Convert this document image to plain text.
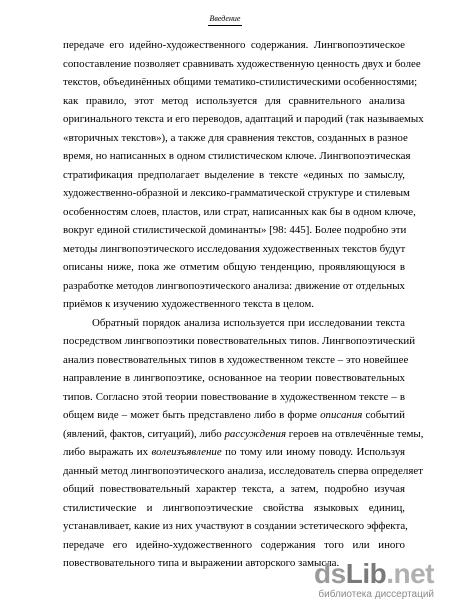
Введение
передаче его идейно-художественного содержания. Лингвопоэтическое
сопоставление позволяет сравнивать художественную ценность двух и более
текстов, объединённых общими тематико-стилистическими особенностями;
как правило, этот метод используется для сравнительного анализа
оригинального текста и его переводов, адаптаций и пародий (так называемых
«вторичных текстов»), а также для сравнения текстов, созданных в разное
время, но написанных в одном стилистическом ключе. Лингвопоэтическая
стратификация предполагает выделение в тексте «единых по замыслу,
художественно-образной и лексико-грамматической структуре и стилевым
особенностям слоев, пластов, или страт, написанных как бы в одном ключе,
вокруг единой стилистической доминанты» [98: 445]. Более подробно эти
методы лингвопоэтического исследования художественных текстов будут
описаны ниже, пока же отметим общую тенденцию, проявляющуюся в
разработке методов лингвопоэтического анализа: движение от отдельных
приёмов к изучению художественного текста в целом.
Обратный порядок анализа используется при исследовании текста
посредством лингвопоэтики повествовательных типов. Лингвопоэтический
анализ повествовательных типов в художественном тексте – это новейшее
направление в лингвопоэтике, основанное на теории повествовательных
типов. Согласно этой теории повествование в художественном тексте – в
общем виде – может быть представлено либо в форме описания событий
(явлений, фактов, ситуаций), либо рассуждения героев на отвлечённые темы,
либо выражать их волеизъявление по тому или иному поводу. Используя
данный метод лингвопоэтического анализа, исследователь сперва определяет
общий повествовательный характер текста, а затем, подробно изучая
стилистические и лингвопоэтические свойства языковых единиц,
устанавливает, какие из них участвуют в создании эстетического эффекта,
передаче его идейно-художественного содержания того или иного
повествовательного типа и выражении авторского замысла.
dsLib.net
библиотека диссертаций
